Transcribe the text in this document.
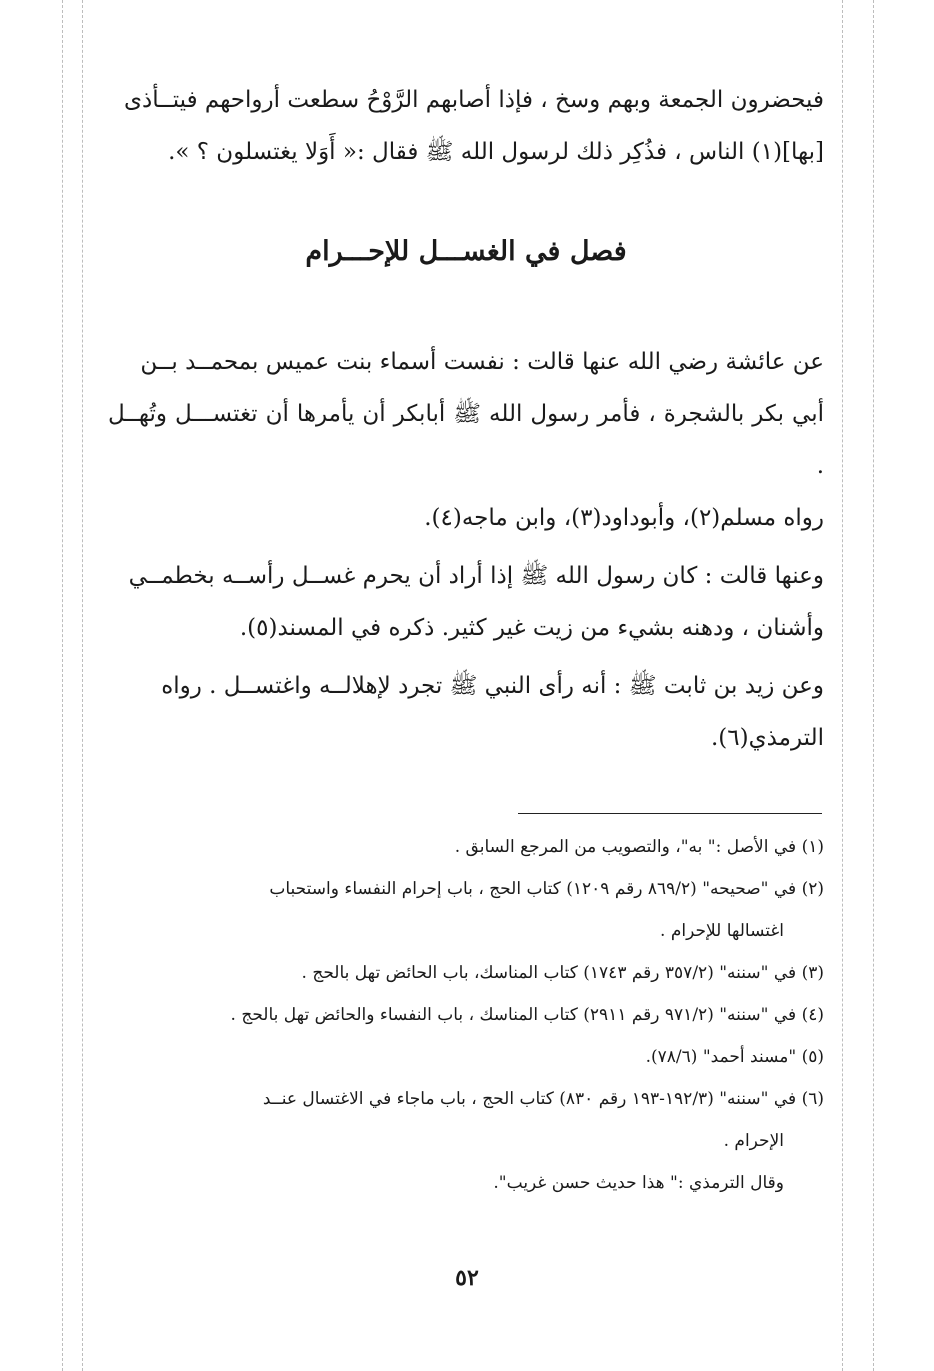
فيحضرون الجمعة وبهم وسخ ، فإذا أصابهم الرَّوْحُ سطعت أرواحهم فيتــأذى

[بها](١) الناس ، فذُكِر ذلك لرسول الله ﷺ فقال :« أَوَلا يغتسلون ؟ ».

فصل في الغســـل للإحـــرام

عن عائشة رضي الله عنها قالت : نفست أسماء بنت عميس بمحمــد بــن

أبي بكر بالشجرة ، فأمر رسول الله ﷺ أبابكر أن يأمرها أن تغتســـل وتُهــل .

رواه مسلم(٢)، وأبوداود(٣)، وابن ماجه(٤).

وعنها قالت : كان رسول الله ﷺ إذا أراد أن يحرم غســل رأســه بخطمــي

وأشنان ، ودهنه بشيء من زيت غير كثير. ذكره في المسند(٥).

وعن زيد بن ثابت ﷺ : أنه رأى النبي ﷺ تجرد لإهلالــه واغتســل . رواه

الترمذي(٦).

(١) في الأصل :" به"، والتصويب من المرجع السابق .

(٢) في "صحيحه" (٨٦٩/٢ رقم ١٢٠٩) كتاب الحج ، باب إحرام النفساء واستحباب

اغتسالها للإحرام .

(٣) في "سننه" (٣٥٧/٢ رقم ١٧٤٣) كتاب المناسك، باب الحائض تهل بالحج .

(٤) في "سننه" (٩٧١/٢ رقم ٢٩١١) كتاب المناسك ، باب النفساء والحائض تهل بالحج .

(٥) "مسند أحمد" (٧٨/٦).

(٦) في "سننه" (١٩٢/٣-١٩٣ رقم ٨٣٠) كتاب الحج ، باب ماجاء في الاغتسال عنــد

الإحرام .

وقال الترمذي :" هذا حديث حسن غريب".

٥٢
